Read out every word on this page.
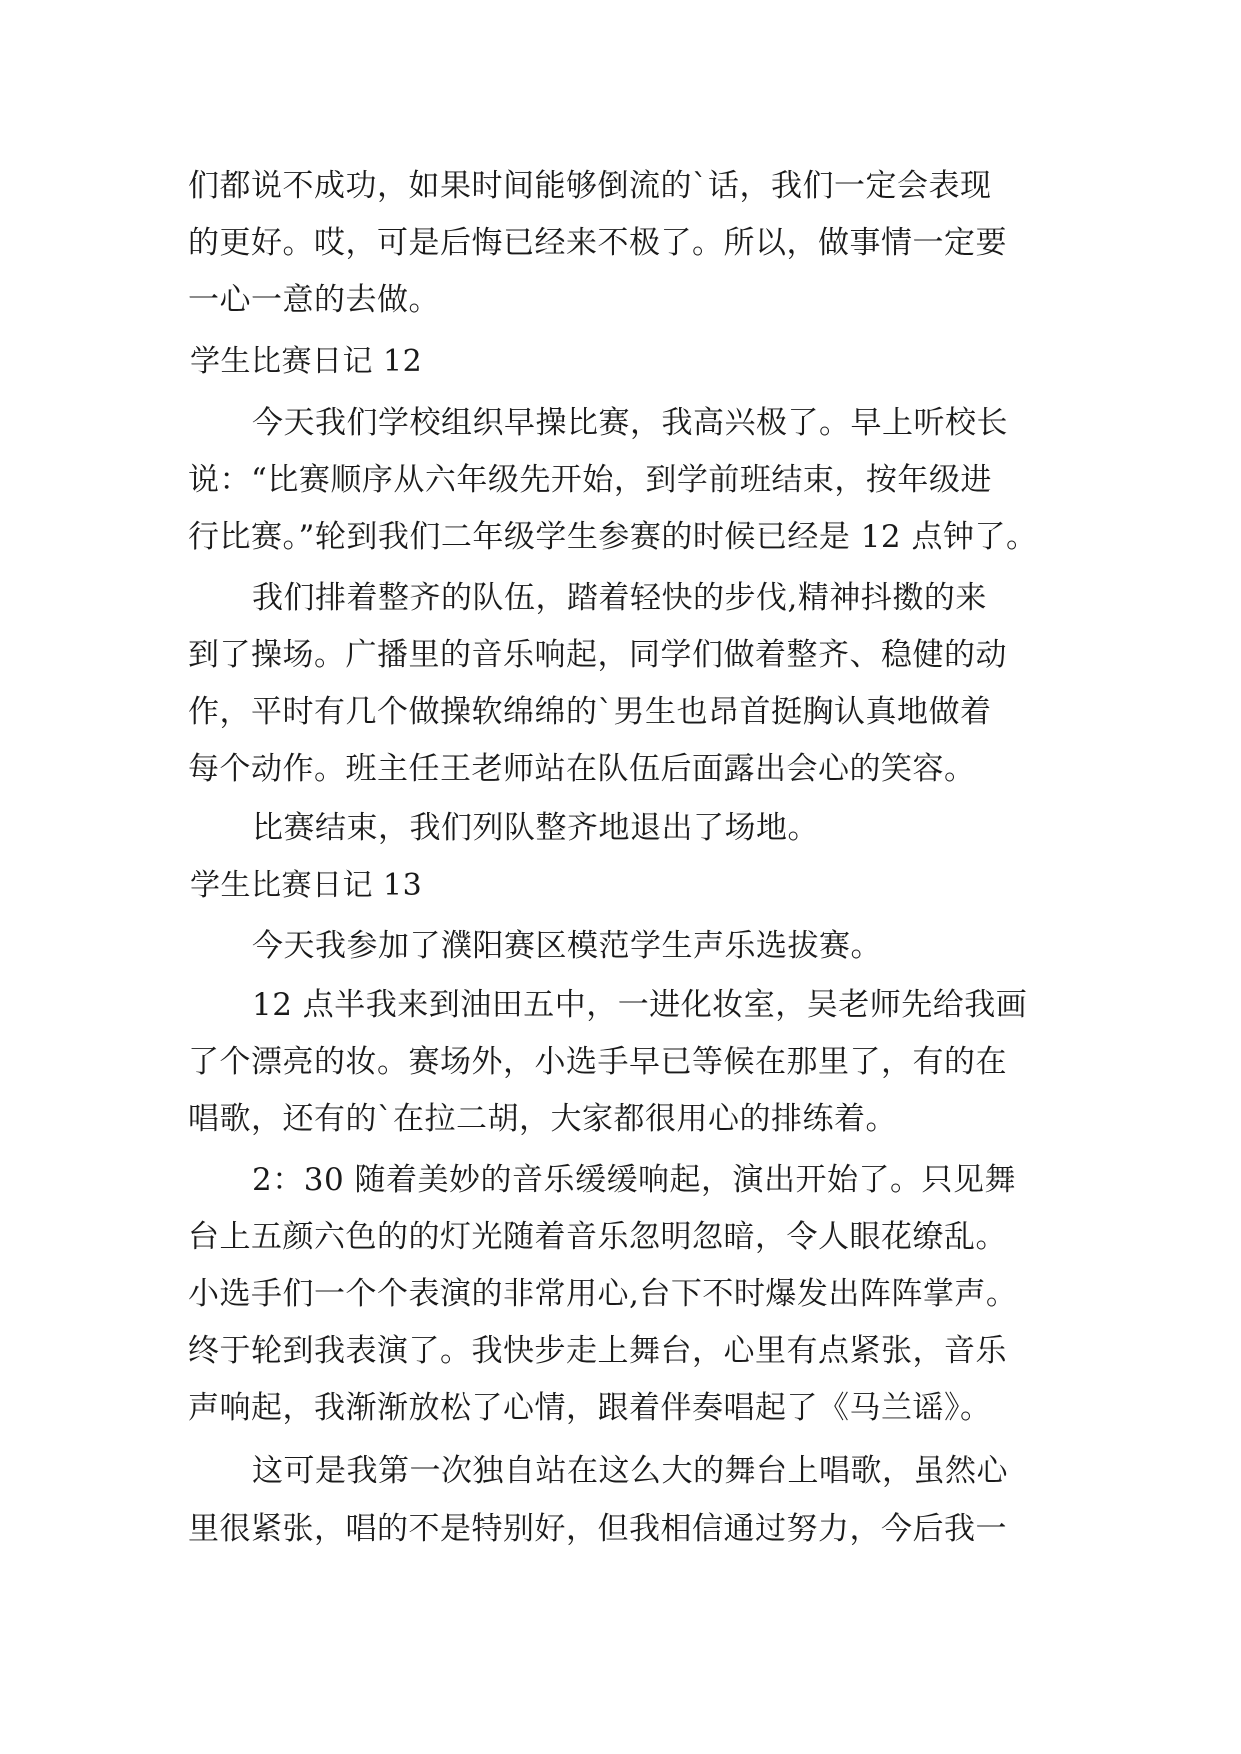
们都说不成功，如果时间能够倒流的`话，我们一定会表现

的更好。哎，可是后悔已经来不极了。所以，做事情一定要

一心一意的去做。

学生比赛日记 12

今天我们学校组织早操比赛，我高兴极了。早上听校长

说：“比赛顺序从六年级先开始，到学前班结束，按年级进

行比赛。”轮到我们二年级学生参赛的时候已经是 12 点钟了。

我们排着整齐的队伍，踏着轻快的步伐,精神抖擞的来

到了操场。广播里的音乐响起，同学们做着整齐、稳健的动

作，平时有几个做操软绵绵的`男生也昂首挺胸认真地做着

每个动作。班主任王老师站在队伍后面露出会心的笑容。

比赛结束，我们列队整齐地退出了场地。

学生比赛日记 13

今天我参加了濮阳赛区模范学生声乐选拔赛。

12 点半我来到油田五中，一进化妆室，吴老师先给我画

了个漂亮的妆。赛场外，小选手早已等候在那里了，有的在

唱歌，还有的`在拉二胡，大家都很用心的排练着。

2：30 随着美妙的音乐缓缓响起，演出开始了。只见舞

台上五颜六色的的灯光随着音乐忽明忽暗，令人眼花缭乱。

小选手们一个个表演的非常用心,台下不时爆发出阵阵掌声。

终于轮到我表演了。我快步走上舞台，心里有点紧张，音乐

声响起，我渐渐放松了心情，跟着伴奏唱起了《马兰谣》。

这可是我第一次独自站在这么大的舞台上唱歌，虽然心

里很紧张，唱的不是特别好，但我相信通过努力，今后我一
